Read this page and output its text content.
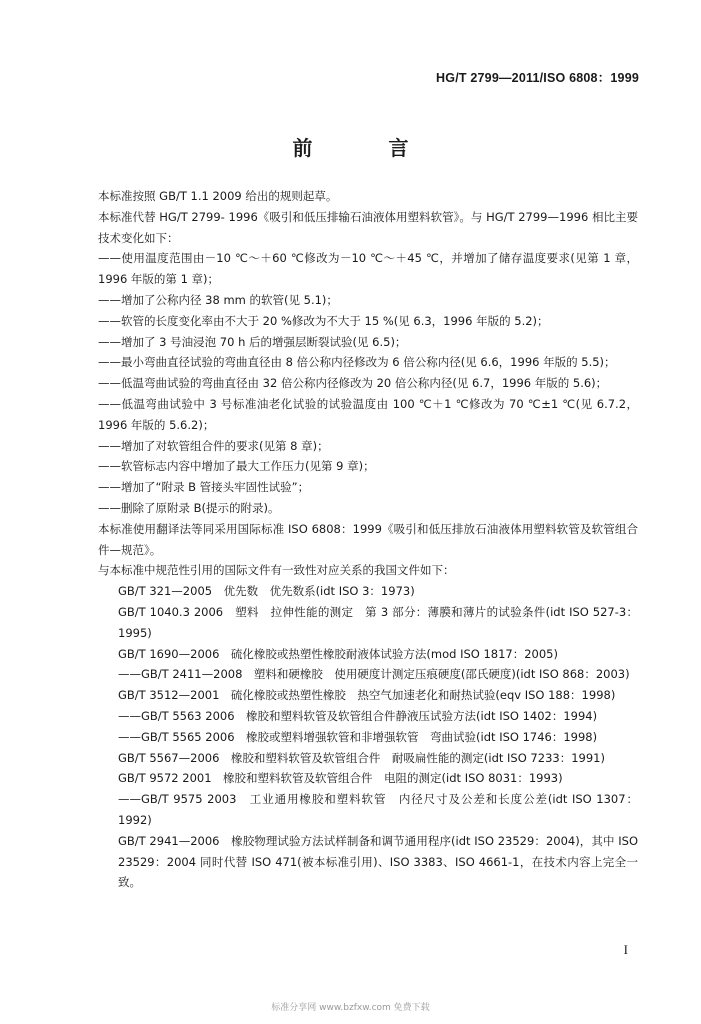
HG/T 2799—2011/ISO 6808：1999
前　言

本标准按照 GB/T 1.1 2009 给出的规则起草。

本标准代替 HG/T 2799- 1996《吸引和低压排输石油液体用塑料软管》。与 HG/T 2799—1996 相比主要技术变化如下：

——使用温度范围由－10 ℃～＋60 ℃修改为－10 ℃～＋45 ℃，并增加了储存温度要求(见第 1 章，1996 年版的第 1 章)；

——增加了公称内径 38 mm 的软管(见 5.1)；

——软管的长度变化率由不大于 20 %修改为不大于 15 %(见 6.3，1996 年版的 5.2)；

——增加了 3 号油浸泡 70 h 后的增强层断裂试验(见 6.5)；

——最小弯曲直径试验的弯曲直径由 8 倍公称内径修改为 6 倍公称内径(见 6.6，1996 年版的 5.5)；

——低温弯曲试验的弯曲直径由 32 倍公称内径修改为 20 倍公称内径(见 6.7，1996 年版的 5.6)；

——低温弯曲试验中 3 号标准油老化试验的试验温度由 100 ℃＋1 ℃修改为 70 ℃±1 ℃(见 6.7.2，1996 年版的 5.6.2)；

——增加了对软管组合件的要求(见第 8 章)；

——软管标志内容中增加了最大工作压力(见第 9 章)；

——增加了“附录 B 管接头牢固性试验”；

——删除了原附录 B(提示的附录)。

本标准使用翻译法等同采用国际标准 ISO 6808：1999《吸引和低压排放石油液体用塑料软管及软管组合件—规范》。

与本标准中规范性引用的国际文件有一致性对应关系的我国文件如下：

GB/T 321—2005　优先数　优先数系(idt ISO 3：1973)

GB/T 1040.3 2006　塑料　拉伸性能的测定　第 3 部分：薄膜和薄片的试验条件(idt ISO 527-3：1995)

GB/T 1690—2006　硫化橡胶或热塑性橡胶耐液体试验方法(mod ISO 1817：2005)

——GB/T 2411—2008　塑料和硬橡胶　使用硬度计测定压痕硬度(邵氏硬度)(idt ISO 868：2003)

GB/T 3512—2001　硫化橡胶或热塑性橡胶　热空气加速老化和耐热试验(eqv ISO 188：1998)

——GB/T 5563 2006　橡胶和塑料软管及软管组合件静液压试验方法(idt ISO 1402：1994)

——GB/T 5565 2006　橡胶或塑料增强软管和非增强软管　弯曲试验(idt ISO 1746：1998)

GB/T 5567—2006　橡胶和塑料软管及软管组合件　耐吸扁性能的测定(idt ISO 7233：1991)

GB/T 9572 2001　橡胶和塑料软管及软管组合件　电阻的测定(idt ISO 8031：1993)

——GB/T 9575 2003　工业通用橡胶和塑料软管　内径尺寸及公差和长度公差(idt ISO 1307：1992)

GB/T 2941—2006　橡胶物理试验方法试样制备和调节通用程序(idt ISO 23529：2004)，其中 ISO 23529：2004 同时代替 ISO 471(被本标准引用)、ISO 3383、ISO 4661-1，在技术内容上完全一致。

I
标准分享网 www.bzfxw.com 免费下载
